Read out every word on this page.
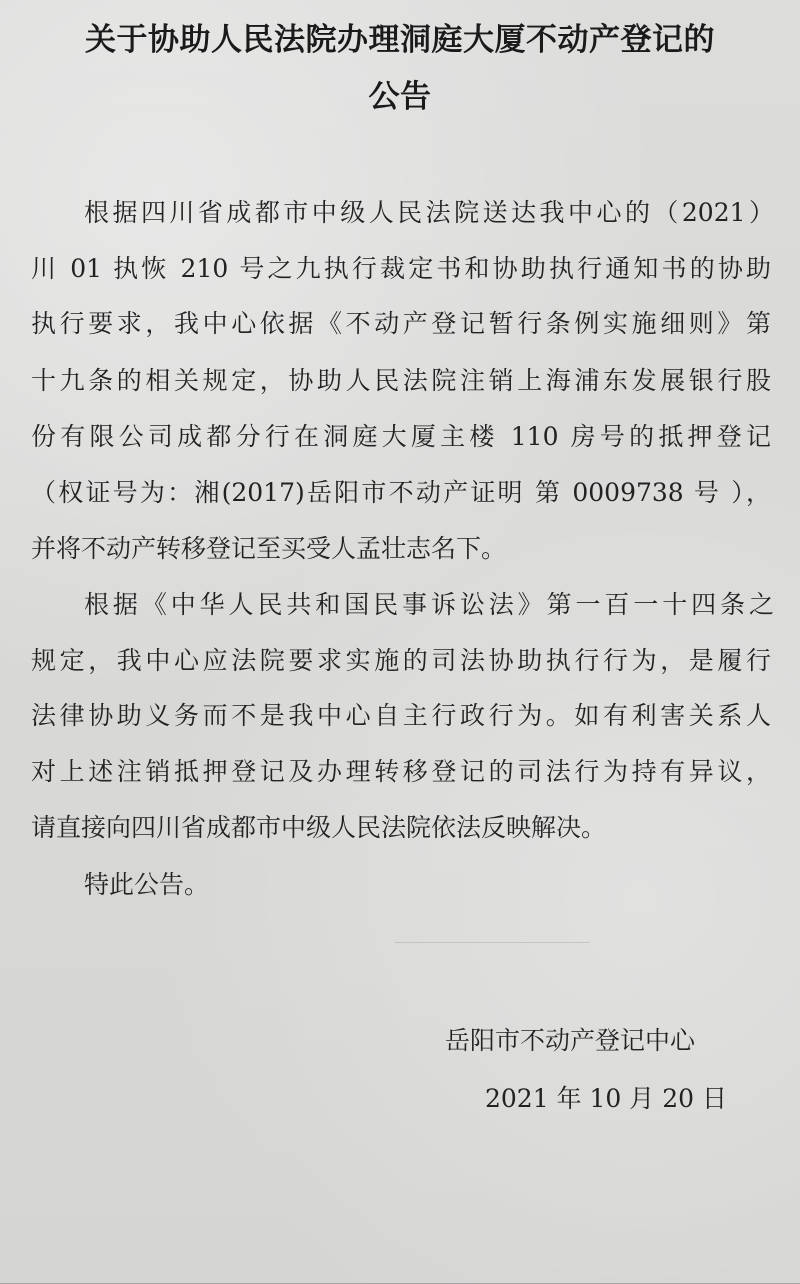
关于协助人民法院办理洞庭大厦不动产登记的
公告
根据四川省成都市中级人民法院送达我中心的（2021）
川 01 执恢 210 号之九执行裁定书和协助执行通知书的协助
执行要求，我中心依据《不动产登记暂行条例实施细则》第
十九条的相关规定，协助人民法院注销上海浦东发展银行股
份有限公司成都分行在洞庭大厦主楼 110 房号的抵押登记
（权证号为：湘(2017)岳阳市不动产证明 第 0009738 号 ），
并将不动产转移登记至买受人孟壮志名下。
根据《中华人民共和国民事诉讼法》第一百一十四条之
规定，我中心应法院要求实施的司法协助执行行为，是履行
法律协助义务而不是我中心自主行政行为。如有利害关系人
对上述注销抵押登记及办理转移登记的司法行为持有异议，
请直接向四川省成都市中级人民法院依法反映解决。
特此公告。
岳阳市不动产登记中心
2021 年 10 月 20 日
